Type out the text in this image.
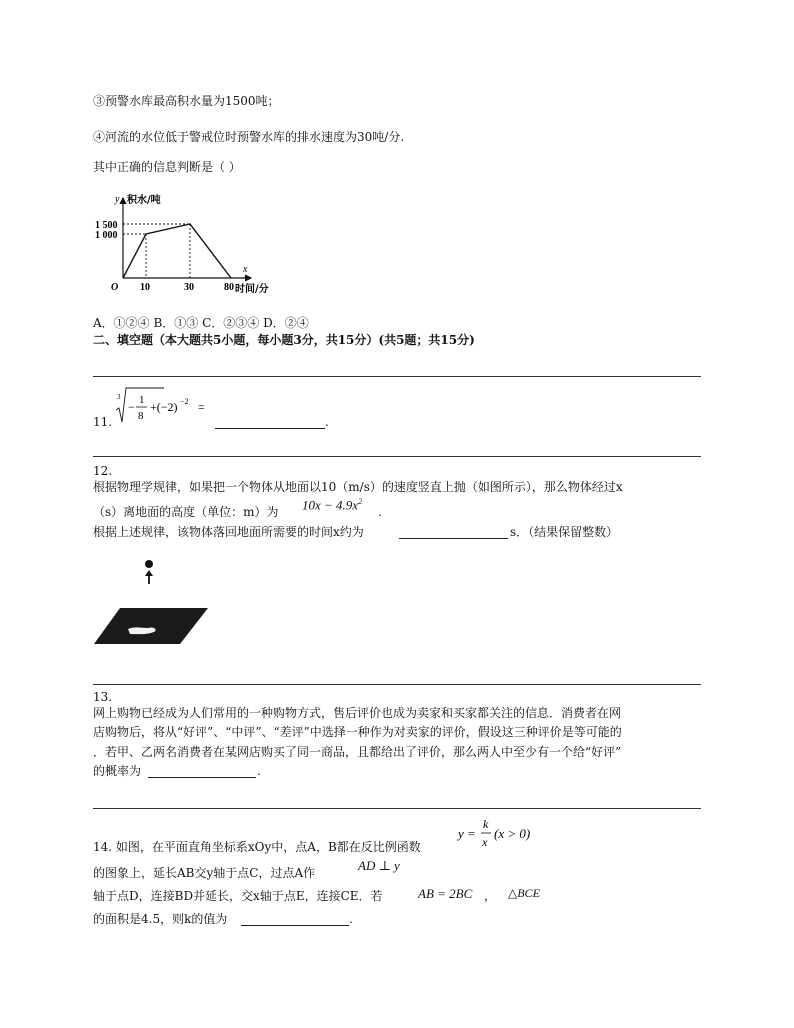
③预警水库最高积水量为1500吨；
④河流的水位低于警戒位时预警水库的排水速度为30吨/分.
其中正确的信息判断是（ ）
y 积水/吨
1 500
1 000
O 10	30	80
x
时间/分
A．①②④ B．①③ C．②③④ D．②④
二、填空题（本大题共5小题，每小题3分，共15分）(共5题；共15分)
11.
3
− 1
8
+(−2) −2 =
.
12.
根据物理学规律，如果把一个物体从地面以10（m/s）的速度竖直上抛（如图所示），那么物体经过x
（s）离地面的高度（单位：m）为 $10x - 4.9x^2$
.
根据上述规律，该物体落回地面所需要的时间x约为	s．（结果保留整数）
13.
网上购物已经成为人们常用的一种购物方式，售后评价也成为卖家和买家都关注的信息．消费者在网
店购物后，将从“好评”、“中评”、“差评”中选择一种作为对卖家的评价，假设这三种评价是等可能的
．若甲、乙两名消费者在某网店购买了同一商品，且都给出了评价，那么两人中至少有一个给“好评”
的概率为	.
y =
k
x
(x > 0)
14. 如图，在平面直角坐标系xOy中，点A，B都在反比例函数
的图象上，延长AB交y轴于点C，过点A作	AD ⊥ y
轴于点D，连接BD并延长，交x轴于点E，连接CE．若	AB = 2BC ， △BCE
的面积是4.5，则k的值为	.
